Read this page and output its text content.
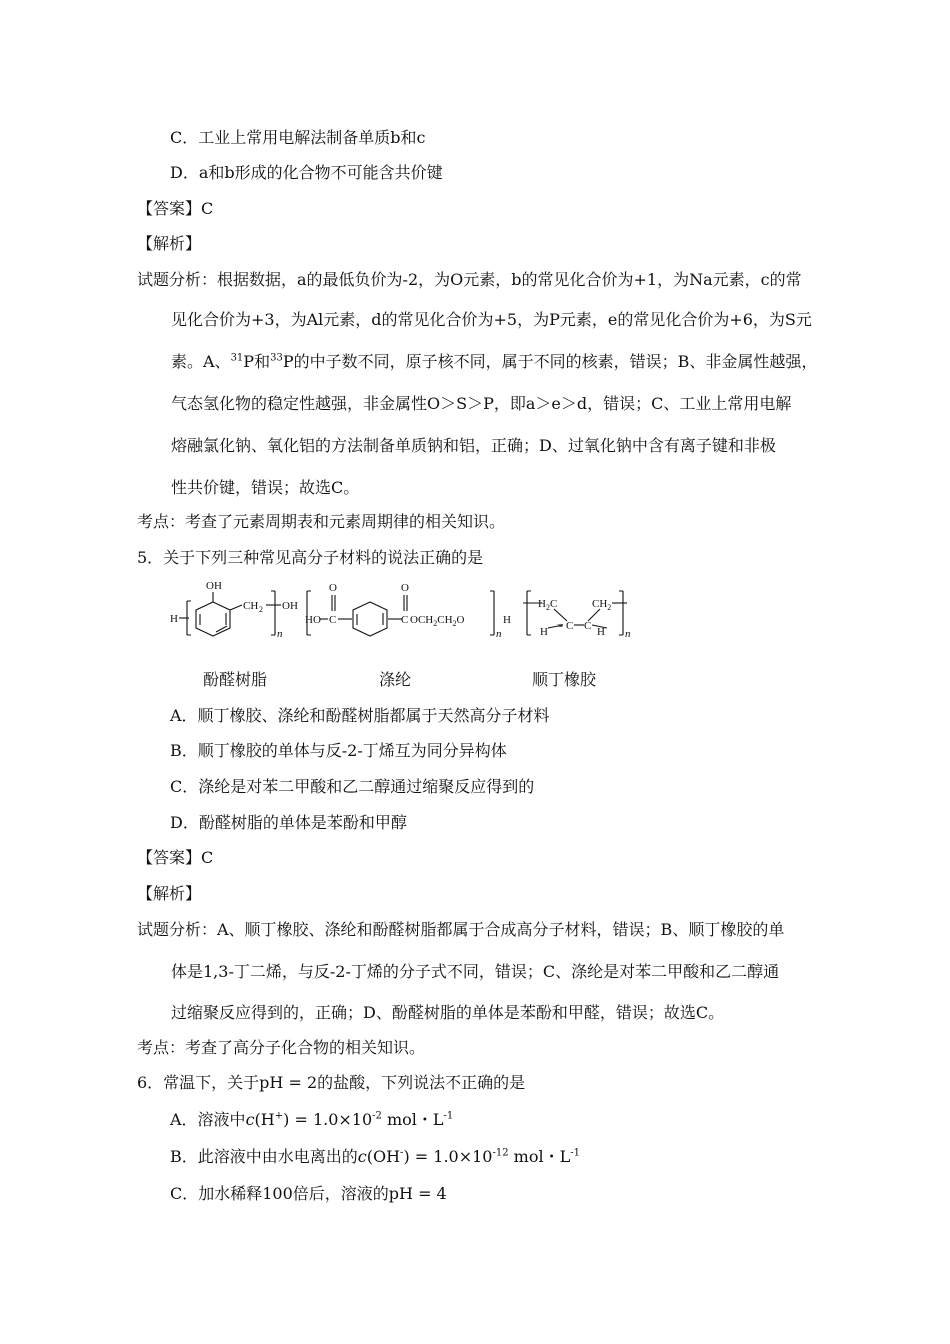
C．工业上常用电解法制备单质b和c
D．a和b形成的化合物不可能含共价键
【答案】C
【解析】
试题分析：根据数据，a的最低负价为-2，为O元素，b的常见化合价为+1，为Na元素，c的常
见化合价为+3，为Al元素，d的常见化合价为+5，为P元素，e的常见化合价为+6，为S元
素。A、$^{31}$P和$^{33}$P的中子数不同，原子核不同，属于不同的核素，错误；B、非金属性越强，
气态氢化物的稳定性越强，非金属性O＞S＞P，即a＞e＞d，错误；C、工业上常用电解
熔融氯化钠、氧化铝的方法制备单质钠和铝，正确；D、过氧化钠中含有离子键和非极
性共价键，错误；故选C。
考点：考查了元素周期表和元素周期律的相关知识。
5．关于下列三种常见高分子材料的说法正确的是
OH
H
CH 2
n
OH
HO
O
C
O
C $OCH_2CH_2O$
n
H
$H_2C$	$CH_2$
H C
= C H n
酚醛树脂	涤纶	顺丁橡胶
A．顺丁橡胶、涤纶和酚醛树脂都属于天然高分子材料
B．顺丁橡胶的单体与反-2-丁烯互为同分异构体
C．涤纶是对苯二甲酸和乙二醇通过缩聚反应得到的
D．酚醛树脂的单体是苯酚和甲醇
【答案】C
【解析】
试题分析：A、顺丁橡胶、涤纶和酚醛树脂都属于合成高分子材料，错误；B、顺丁橡胶的单
体是1,3-丁二烯，与反-2-丁烯的分子式不同，错误；C、涤纶是对苯二甲酸和乙二醇通
过缩聚反应得到的，正确；D、酚醛树脂的单体是苯酚和甲醛，错误；故选C。
考点：考查了高分子化合物的相关知识。
6．常温下，关于pH = 2的盐酸，下列说法不正确的是
A．溶液中$c(H^+) = 1.0\times 10^{-2}$ mol・$L^{-1}$
B．此溶液中由水电离出的$c(OH^-) = 1.0\times 10^{-12}$ mol・$L^{-1}$
C．加水稀释100倍后，溶液的pH = 4
